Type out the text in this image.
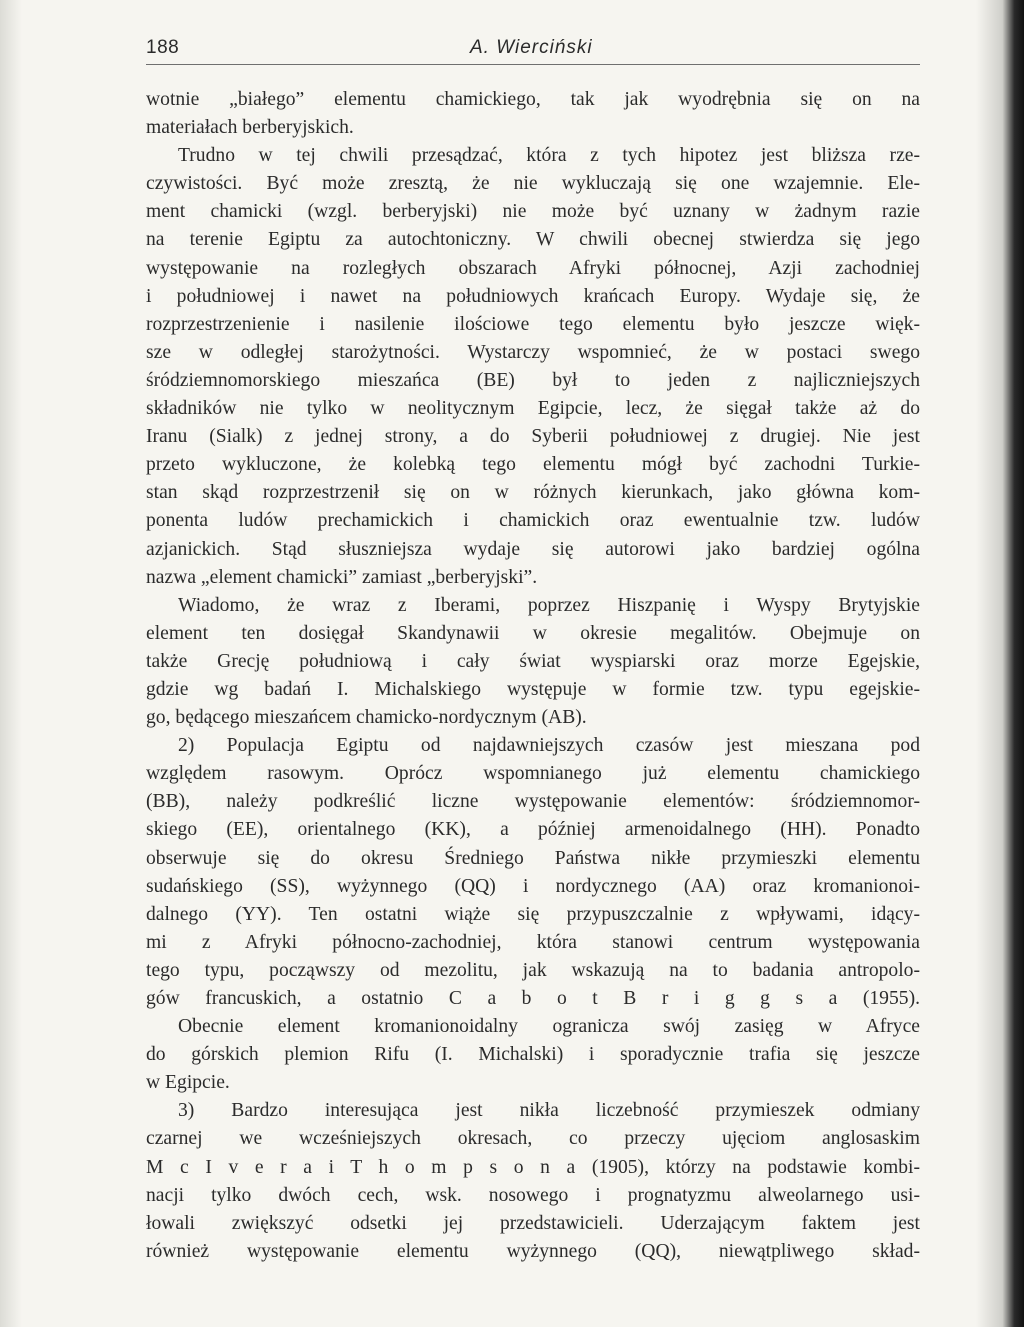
188	A. Wierciński
wotnie „białego” elementu chamickiego, tak jak wyodrębnia się on na
materiałach berberyjskich.
Trudno w tej chwili przesądzać, która z tych hipotez jest bliższa rze-
czywistości. Być może zresztą, że nie wykluczają się one wzajemnie. Ele-
ment chamicki (wzgl. berberyjski) nie może być uznany w żadnym razie
na terenie Egiptu za autochtoniczny. W chwili obecnej stwierdza się jego
występowanie na rozległych obszarach Afryki północnej, Azji zachodniej
i południowej i nawet na południowych krańcach Europy. Wydaje się, że
rozprzestrzenienie i nasilenie ilościowe tego elementu było jeszcze więk-
sze w odległej starożytności. Wystarczy wspomnieć, że w postaci swego
śródziemnomorskiego mieszańca (BE) był to jeden z najliczniejszych
składników nie tylko w neolitycznym Egipcie, lecz, że sięgał także aż do
Iranu (Sialk) z jednej strony, a do Syberii południowej z drugiej. Nie jest
przeto wykluczone, że kolebką tego elementu mógł być zachodni Turkie-
stan skąd rozprzestrzenił się on w różnych kierunkach, jako główna kom-
ponenta ludów prechamickich i chamickich oraz ewentualnie tzw. ludów
azjanickich. Stąd słuszniejsza wydaje się autorowi jako bardziej ogólna
nazwa „element chamicki” zamiast „berberyjski”.
Wiadomo, że wraz z Iberami, poprzez Hiszpanię i Wyspy Brytyjskie
element ten dosięgał Skandynawii w okresie megalitów. Obejmuje on
także Grecję południową i cały świat wyspiarski oraz morze Egejskie,
gdzie wg badań I. Michalskiego występuje w formie tzw. typu egejskie-
go, będącego mieszańcem chamicko-nordycznym (AB).
2) Populacja Egiptu od najdawniejszych czasów jest mieszana pod
względem rasowym. Oprócz wspomnianego już elementu chamickiego
(BB), należy podkreślić liczne występowanie elementów: śródziemnomor-
skiego (EE), orientalnego (KK), a później armenoidalnego (HH). Ponadto
obserwuje się do okresu Średniego Państwa nikłe przymieszki elementu
sudańskiego (SS), wyżynnego (QQ) i nordycznego (AA) oraz kromanionoi-
dalnego (YY). Ten ostatni wiąże się przypuszczalnie z wpływami, idący-
mi z Afryki północno-zachodniej, która stanowi centrum występowania
tego typu, począwszy od mezolitu, jak wskazują na to badania antropolo-
gów francuskich, a ostatnio C a b o t B r i g g s a (1955).
Obecnie element kromanionoidalny ogranicza swój zasięg w Afryce
do górskich plemion Rifu (I. Michalski) i sporadycznie trafia się jeszcze
w Egipcie.
3) Bardzo interesująca jest nikła liczebność przymieszek odmiany
czarnej we wcześniejszych okresach, co przeczy ujęciom anglosaskim
M c I v e r a i T h o m p s o n a (1905), którzy na podstawie kombi-
nacji tylko dwóch cech, wsk. nosowego i prognatyzmu alweolarnego usi-
łowali zwiększyć odsetki jej przedstawicieli. Uderzającym faktem jest
również występowanie elementu wyżynnego (QQ), niewątpliwego skład-
